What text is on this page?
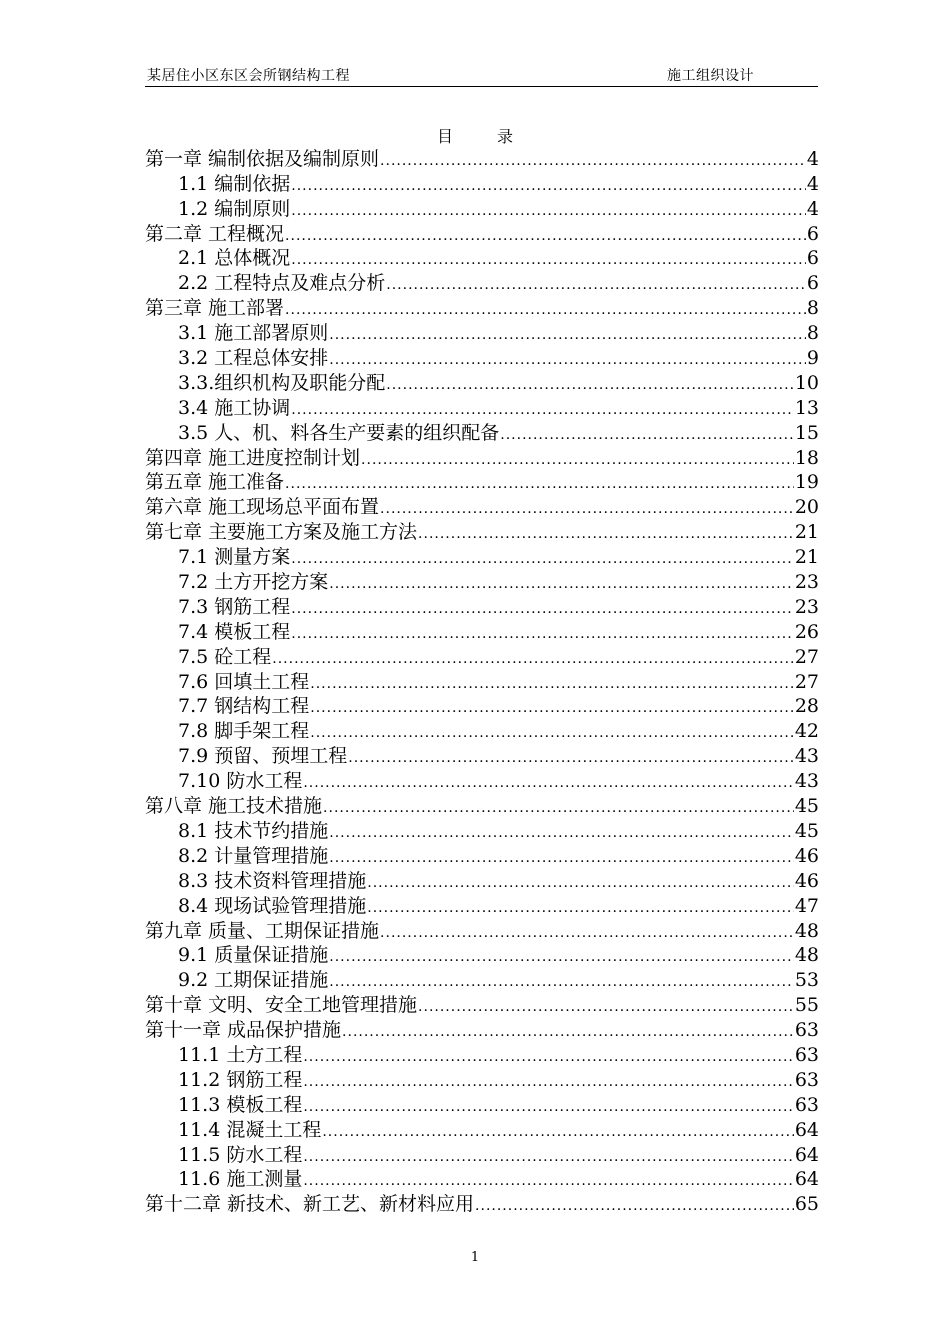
某居住小区东区会所钢结构工程	施工组织设计
目录
第一章 编制依据及编制原则 .....	4
1.1 编制依据 .....	4
1.2 编制原则 .....	4
第二章 工程概况 .....	6
2.1 总体概况 .....	6
2.2 工程特点及难点分析 .....	6
第三章 施工部署 .....	8
3.1 施工部署原则 .....	8
3.2 工程总体安排 .....	9
3.3.组织机构及职能分配 .....	10
3.4 施工协调 .....	13
3.5 人、机、料各生产要素的组织配备 .....	15
第四章 施工进度控制计划 .....	18
第五章 施工准备 .....	19
第六章 施工现场总平面布置 .....	20
第七章 主要施工方案及施工方法 .....	21
7.1 测量方案 .....	21
7.2 土方开挖方案 .....	23
7.3 钢筋工程 .....	23
7.4 模板工程 .....	26
7.5 砼工程 .....	27
7.6 回填土工程 .....	27
7.7 钢结构工程 .....	28
7.8 脚手架工程 .....	42
7.9 预留、预埋工程 .....	43
7.10 防水工程 .....	43
第八章 施工技术措施 .....	45
8.1 技术节约措施 .....	45
8.2 计量管理措施 .....	46
8.3 技术资料管理措施 .....	46
8.4 现场试验管理措施 .....	47
第九章 质量、工期保证措施 .....	48
9.1 质量保证措施 .....	48
9.2 工期保证措施 .....	53
第十章 文明、安全工地管理措施 .....	55
第十一章 成品保护措施 .....	63
11.1 土方工程 .....	63
11.2 钢筋工程 .....	63
11.3 模板工程 .....	63
11.4 混凝土工程 .....	64
11.5 防水工程 .....	64
11.6 施工测量 .....	64
第十二章 新技术、新工艺、新材料应用 .....	65
1
